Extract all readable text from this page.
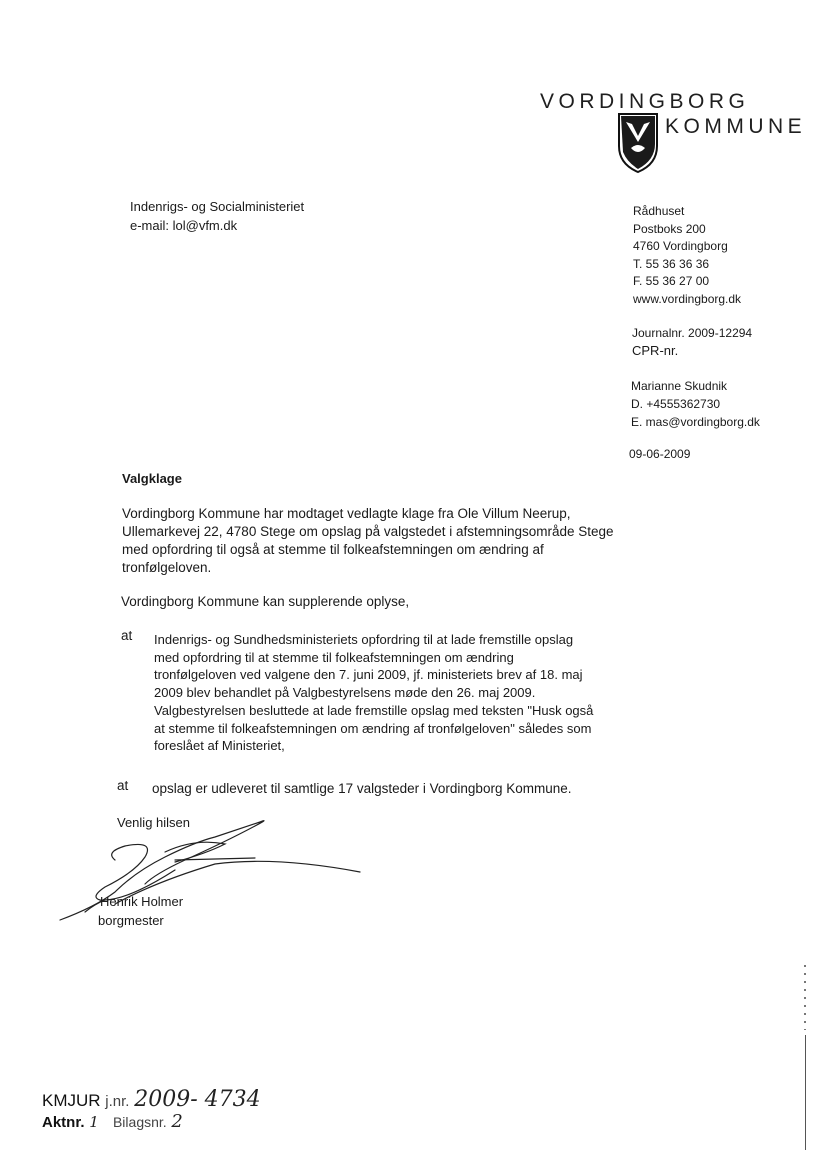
VORDINGBORG
KOMMUNE
Indenrigs- og Socialministeriet
e-mail: lol@vfm.dk
Rådhuset
Postboks 200
4760 Vordingborg
T. 55 36 36 36
F. 55 36 27 00
www.vordingborg.dk
Journalnr. 2009-12294
CPR-nr.
Marianne Skudnik
D. +4555362730
E. mas@vordingborg.dk
09-06-2009
Valgklage
Vordingborg Kommune har modtaget vedlagte klage fra Ole Villum Neerup,
Ullemarkevej 22, 4780 Stege om opslag på valgstedet i afstemningsområde Stege
med opfordring til også at stemme til folkeafstemningen om ændring af
tronfølgeloven.
Vordingborg Kommune kan supplerende oplyse,
at Indenrigs- og Sundhedsministeriets opfordring til at lade fremstille opslag
med opfordring til at stemme til folkeafstemningen om ændring
tronfølgeloven ved valgene den 7. juni 2009, jf. ministeriets brev af 18. maj
2009 blev behandlet på Valgbestyrelsens møde den 26. maj 2009.
Valgbestyrelsen besluttede at lade fremstille opslag med teksten "Husk også
at stemme til folkeafstemningen om ændring af tronfølgeloven" således som
foreslået af Ministeriet,
at opslag er udleveret til samtlige 17 valgsteder i Vordingborg Kommune.
Venlig hilsen
Henrik Holmer
borgmester
KMJUR j.nr. 2009- 4734
Aktnr. 1 Bilagsnr. 2
